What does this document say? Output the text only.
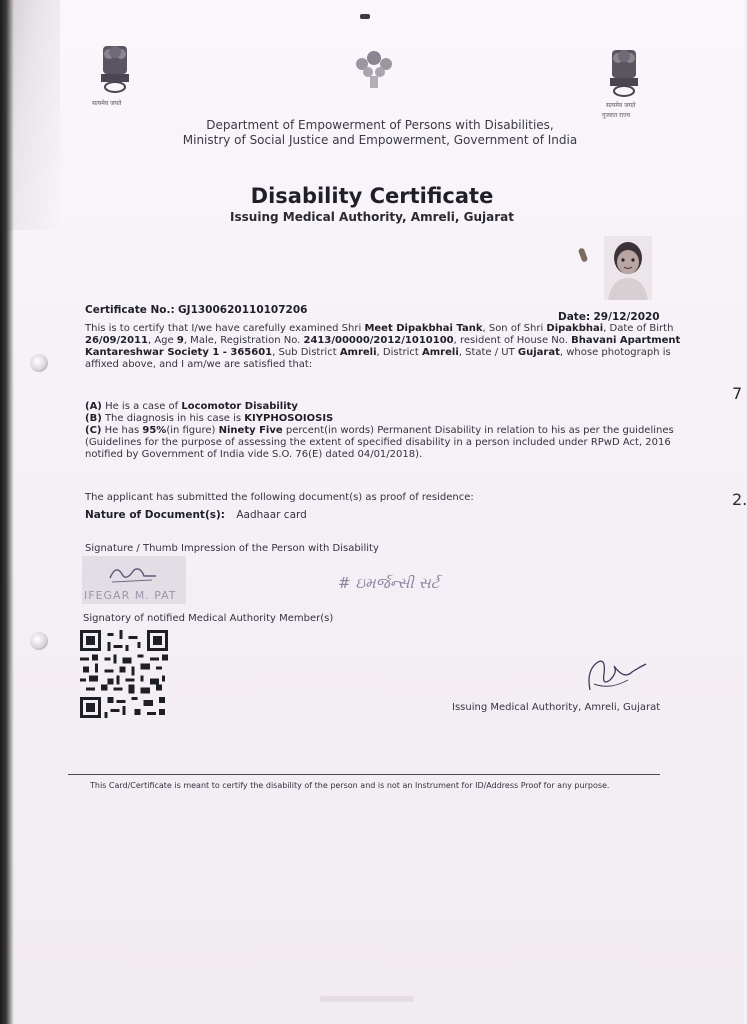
सत्यमेव जयते	सत्यमेव जयते
गुजरात राज्य
Department of Empowerment of Persons with Disabilities,
Ministry of Social Justice and Empowerment, Government of India
Disability Certificate
Issuing Medical Authority, Amreli, Gujarat
Certificate No.: GJ1300620110107206
Date: 29/12/2020
This is to certify that I/we have carefully examined Shri Meet Dipakbhai Tank, Son of Shri Dipakbhai, Date of Birth
26/09/2011, Age 9, Male, Registration No. 2413/00000/2012/1010100, resident of House No. Bhavani Apartment
Kantareshwar Society 1 - 365601, Sub District Amreli, District Amreli, State / UT Gujarat, whose photograph is
affixed above, and I am/we are satisfied that:
(A) He is a case of Locomotor Disability
(B) The diagnosis in his case is KIYPHOSOIOSIS
(C) He has 95%(in figure) Ninety Five percent(in words) Permanent Disability in relation to his as per the guidelines
(Guidelines for the purpose of assessing the extent of specified disability in a person included under RPwD Act, 2016
notified by Government of India vide S.O. 76(E) dated 04/01/2018).
The applicant has submitted the following document(s) as proof of residence:
Nature of Document(s): Aadhaar card
Signature / Thumb Impression of the Person with Disability
IFEGAR M. PAT
# ઇમર્જન્સી સર્ટ
Signatory of notified Medical Authority Member(s)
Issuing Medical Authority, Amreli, Gujarat
This Card/Certificate is meant to certify the disability of the person and is not an Instrument for ID/Address Proof for any purpose.
7
2.
